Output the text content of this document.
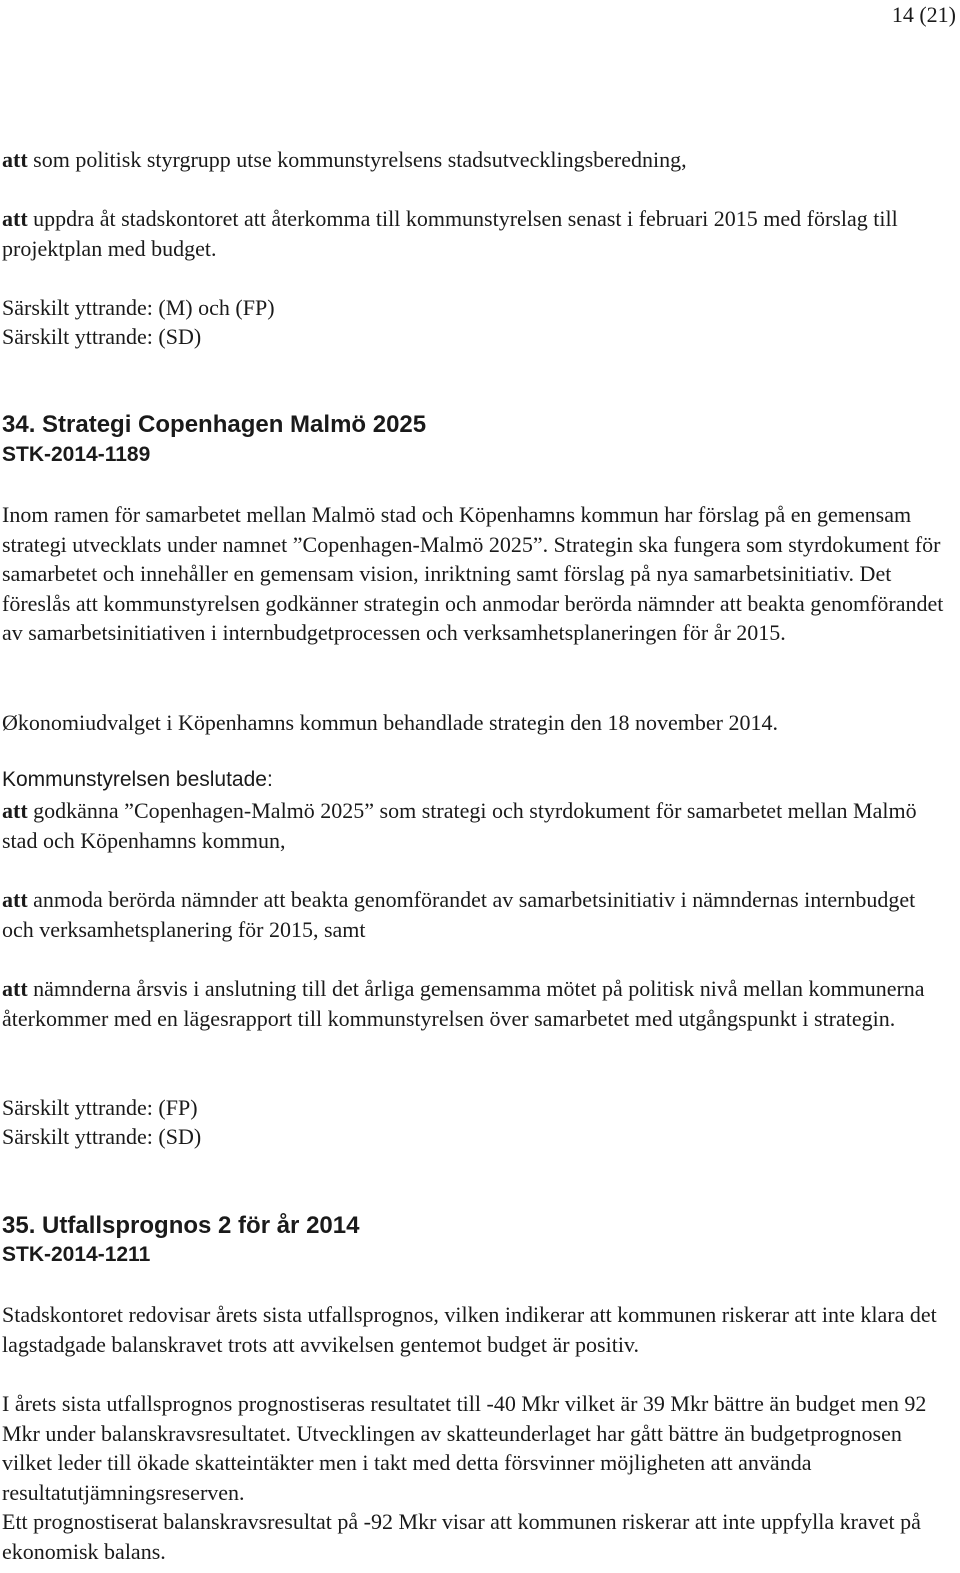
14 (21)

att som politisk styrgrupp utse kommunstyrelsens stadsutvecklingsberedning,

att uppdra åt stadskontoret att återkomma till kommunstyrelsen senast i februari 2015 med förslag till projektplan med budget.

Särskilt yttrande: (M) och (FP)

Särskilt yttrande: (SD)

34. Strategi Copenhagen Malmö 2025
STK-2014-1189

Inom ramen för samarbetet mellan Malmö stad och Köpenhamns kommun har förslag på en gemensam strategi utvecklats under namnet ”Copenhagen-Malmö 2025”. Strategin ska fungera som styrdokument för samarbetet och innehåller en gemensam vision, inriktning samt förslag på nya samarbetsinitiativ. Det föreslås att kommunstyrelsen godkänner strategin och anmodar berörda nämnder att beakta genomförandet av samarbetsinitiativen i internbudgetprocessen och verksamhetsplaneringen för år 2015.

Økonomiudvalget i Köpenhamns kommun behandlade strategin den 18 november 2014.

Kommunstyrelsen beslutade:

att godkänna ”Copenhagen-Malmö 2025” som strategi och styrdokument för samarbetet mellan Malmö stad och Köpenhamns kommun,

att anmoda berörda nämnder att beakta genomförandet av samarbetsinitiativ i nämndernas internbudget och verksamhetsplanering för 2015, samt

att nämnderna årsvis i anslutning till det årliga gemensamma mötet på politisk nivå mellan kommunerna återkommer med en lägesrapport till kommunstyrelsen över samarbetet med utgångspunkt i strategin.

Särskilt yttrande: (FP)

Särskilt yttrande: (SD)

35. Utfallsprognos 2 för år 2014
STK-2014-1211

Stadskontoret redovisar årets sista utfallsprognos, vilken indikerar att kommunen riskerar att inte klara det lagstadgade balanskravet trots att avvikelsen gentemot budget är positiv.

I årets sista utfallsprognos prognostiseras resultatet till -40 Mkr vilket är 39 Mkr bättre än budget men 92 Mkr under balanskravsresultatet. Utvecklingen av skatteunderlaget har gått bättre än budgetprognosen vilket leder till ökade skatteintäkter men i takt med detta försvinner möjligheten att använda resultatutjämningsreserven.

Ett prognostiserat balanskravsresultat på -92 Mkr visar att kommunen riskerar att inte uppfylla kravet på ekonomisk balans.
